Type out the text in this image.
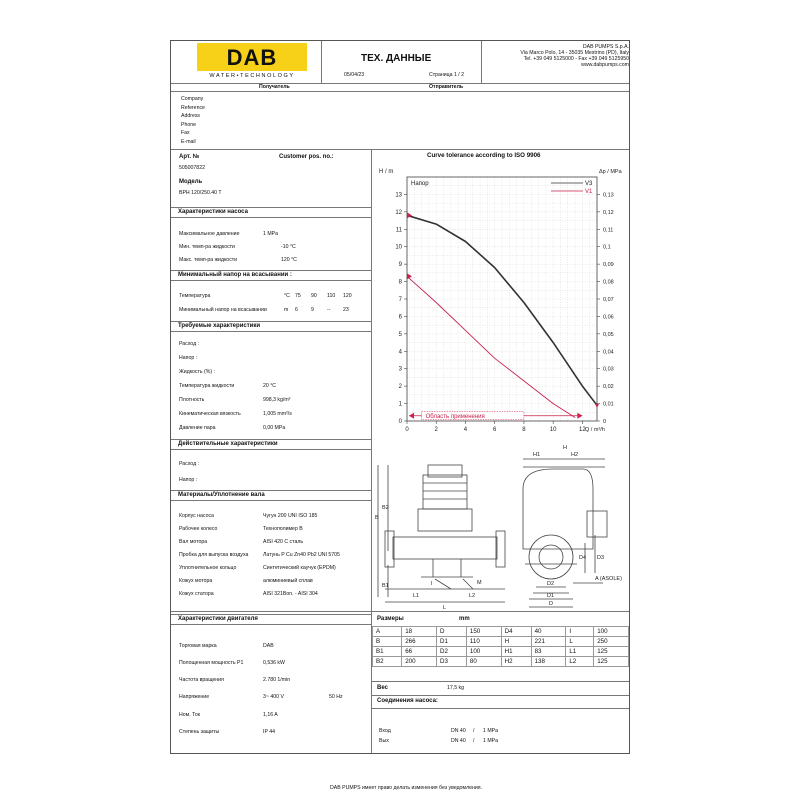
DAB
WATER•TECHNOLOGY
ТЕХ. ДАННЫЕ
05/04/23	Страница 1 / 2
DAB PUMPS S.p.A.
Via Marco Polo, 14 - 35035 Mestrino (PD), Italy
Tel. +39 049 5125000 - Fax +39 049 5125950
www.dabpumps.com
Получатель	Отправитель
Company
Reference
Address
Phone
Fax
E-mail
Арт. №	Customer pos. no.:
505007822
Модель
BPH 120/250.40 T
Характеристики насоса
Максимальное давление	1 MPa
Мин. темп-ра жидкости	-10 °C
Макс. темп-ра жидкости	120 °C
Минимальный напор на всасывании :
Температура	°C 75 90 110 120
Минимальный напор на всасывании	m 6	9	-- 23
Требуемые характеристики
Расход :
Напор :
Жидкость (%) :
Температура жидкости	20 °C
Плотность	998,3 kg/m³
Кинематическая вязкость	1,005 mm²/s
Давление пара	0,00 MPa
Действительные характеристики
Расход :
Напор :
Материалы/Уплотнение вала
Корпус насоса	Чугун 200 UNI ISO 185
Рабочее колесо	Технополимер B
Вал мотора	AISI 420 C сталь
Пробка для выпуска воздуха	Латунь P Cu Zn40 Pb2 UNI 5705
Уплотнительное кольцо	Синтетический каучук (EPDM)
Кожух мотора	алюминиевый сплав
Кожух статора	AISI 321Bon. - AISI 304
Характеристики двигателя
Торговая марка	DAB
Полощенная мощность P1	0,536 kW
Частота вращения	2.780 1/min
Напряжение	3~ 400 V	50 Hz
Ном. Ток	1,16 A
Степень защиты	IP 44
Curve tolerance according to ISO 9906
0	2	4	6	8	10	12
0
1
2
3
4
5
6
7
8
9
10
11
12
13
0
0,01
0,02
0,03
0,04
0,05
0,06
0,07
0,08
0,09
0,1
0,11
0,12
0,13
H / m	Δp / MPa
Q / m³/h
Напор	V3
V1
Область применения
H
H1	H2
B
B2
B1	I	M
L1	L2
L
D2
D1
D
D3
D4
A (ASOLE)
Размеры	mm
A	18	D	150	D4	40	I	100
B	266	D1	110	H	221	L	250
B1	66	D2	100	H1	83	L1	125
B2	200	D3	80	H2	138	L2	125
Вес	17,5 kg
Соединения насоса:
Вход	DN 40 / 1 MPa
Вых	DN 40 / 1 MPa
DAB PUMPS имеет право делать изменения без уведомления.
